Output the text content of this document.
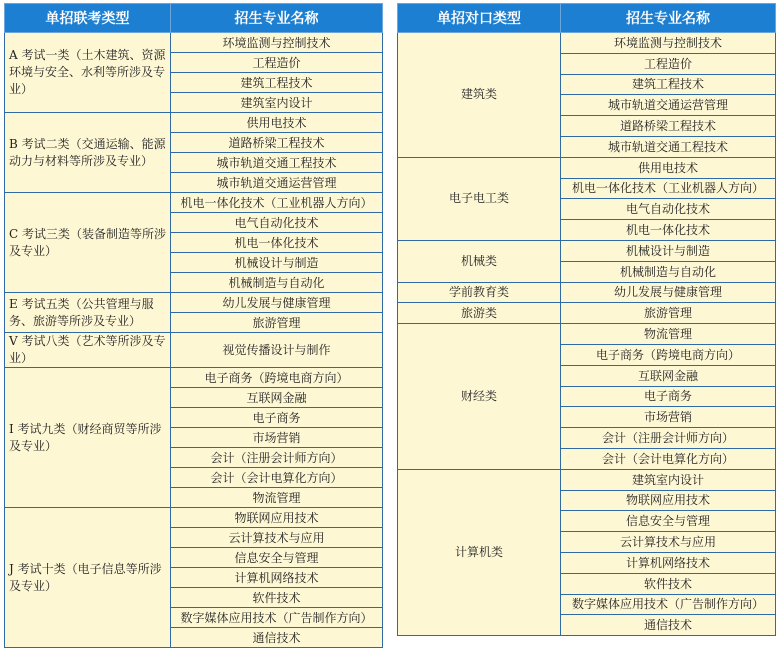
单招联考类型	招生专业名称
A 考试一类（土木建筑、资源环境与安全、水利等所涉及专业）	环境监测与控制技术
	工程造价
	建筑工程技术
	建筑室内设计
B 考试二类（交通运输、能源动力与材料等所涉及专业）	供用电技术
	道路桥梁工程技术
	城市轨道交通工程技术
	城市轨道交通运营管理
C 考试三类（装备制造等所涉及专业）	机电一体化技术（工业机器人方向）
	电气自动化技术
	机电一体化技术
	机械设计与制造
	机械制造与自动化
E 考试五类（公共管理与服务、旅游等所涉及专业）	幼儿发展与健康管理
	旅游管理
V 考试八类（艺术等所涉及专业）	视觉传播设计与制作
I 考试九类（财经商贸等所涉及专业）	电子商务（跨境电商方向）
	互联网金融
	电子商务
	市场营销
	会计（注册会计师方向）
	会计（会计电算化方向）
	物流管理
J 考试十类（电子信息等所涉及专业）	物联网应用技术
	云计算技术与应用
	信息安全与管理
	计算机网络技术
	软件技术
	数字媒体应用技术（广告制作方向）
	通信技术
单招对口类型	招生专业名称
建筑类	环境监测与控制技术
	工程造价
	建筑工程技术
	城市轨道交通运营管理
	道路桥梁工程技术
	城市轨道交通工程技术
电子电工类	供用电技术
	机电一体化技术（工业机器人方向）
	电气自动化技术
	机电一体化技术
机械类	机械设计与制造
	机械制造与自动化
学前教育类	幼儿发展与健康管理
旅游类	旅游管理
财经类	物流管理
	电子商务（跨境电商方向）
	互联网金融
	电子商务
	市场营销
	会计（注册会计师方向）
	会计（会计电算化方向）
计算机类	建筑室内设计
	物联网应用技术
	信息安全与管理
	云计算技术与应用
	计算机网络技术
	软件技术
	数字媒体应用技术（广告制作方向）
	通信技术
